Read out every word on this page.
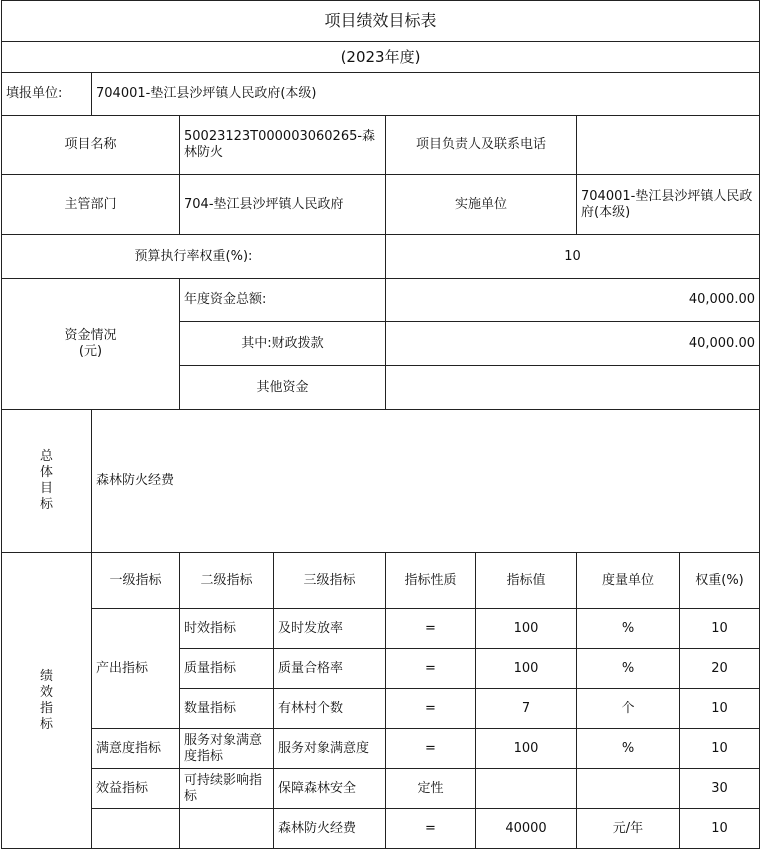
项目绩效目标表							
(2023年度)							
填报单位:	704001-垫江县沙坪镇人民政府(本级)						
项目名称		50023123T000003060265-森林防火		项目负责人及联系电话			
主管部门		704-垫江县沙坪镇人民政府		实施单位		704001-垫江县沙坪镇人民政府(本级)	
预算执行率权重(%):				10			
资金情况
(元)		年度资金总额:		40,000.00			
		其中:财政拨款		40,000.00			
		其他资金					

总
体
目
标	森林防火经费						

绩
效
指
标	一级指标	二级指标	三级指标	指标性质	指标值	度量单位	权重(%)
	产出指标	时效指标	及时发放率	=	100	%	10
		质量指标	质量合格率	=	100	%	20
		数量指标	有林村个数	=	7	个	10
	满意度指标	服务对象满意度指标	服务对象满意度	=	100	%	10
	效益指标	可持续影响指标	保障森林安全	定性			30
			森林防火经费	=	40000	元/年	10
